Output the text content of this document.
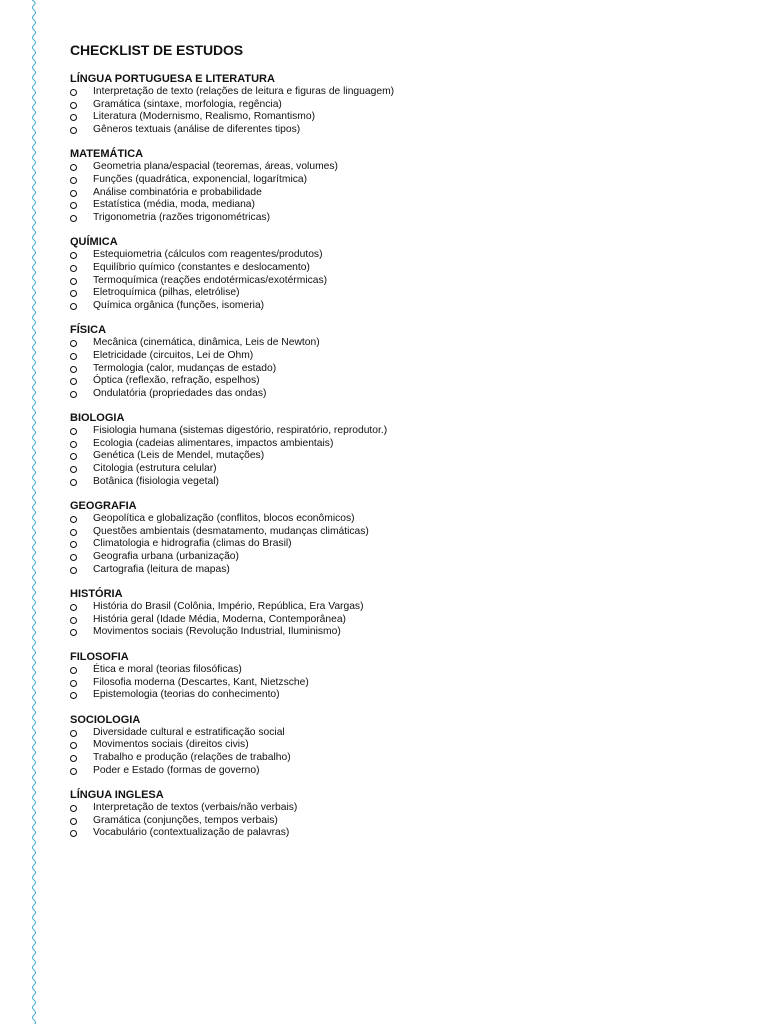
CHECKLIST DE ESTUDOS
LÍNGUA PORTUGUESA E LITERATURA
Interpretação de texto (relações de leitura e figuras de linguagem)
Gramática (sintaxe, morfologia, regência)
Literatura (Modernismo, Realismo, Romantismo)
Gêneros textuais (análise de diferentes tipos)
MATEMÁTICA
Geometria plana/espacial (teoremas, áreas, volumes)
Funções (quadrática, exponencial, logarítmica)
Análise combinatória e probabilidade
Estatística (média, moda, mediana)
Trigonometria (razões trigonométricas)
QUÍMICA
Estequiometria (cálculos com reagentes/produtos)
Equilíbrio químico (constantes e deslocamento)
Termoquímica (reações endotérmicas/exotérmicas)
Eletroquímica (pilhas, eletrólise)
Química orgânica (funções, isomeria)
FÍSICA
Mecânica (cinemática, dinâmica, Leis de Newton)
Eletricidade (circuitos, Lei de Ohm)
Termologia (calor, mudanças de estado)
Óptica (reflexão, refração, espelhos)
Ondulatória (propriedades das ondas)
BIOLOGIA
Fisiologia humana (sistemas digestório, respiratório, reprodutor.)
Ecologia (cadeias alimentares, impactos ambientais)
Genética (Leis de Mendel, mutações)
Citologia (estrutura celular)
Botânica (fisiologia vegetal)
GEOGRAFIA
Geopolítica e globalização (conflitos, blocos econômicos)
Questões ambientais (desmatamento, mudanças climáticas)
Climatologia e hidrografia (climas do Brasil)
Geografia urbana (urbanização)
Cartografia (leitura de mapas)
HISTÓRIA
História do Brasil (Colônia, Império, República, Era Vargas)
História geral (Idade Média, Moderna, Contemporânea)
Movimentos sociais (Revolução Industrial, Iluminismo)
FILOSOFIA
Ética e moral (teorias filosóficas)
Filosofia moderna (Descartes, Kant, Nietzsche)
Epistemologia (teorias do conhecimento)
SOCIOLOGIA
Diversidade cultural e estratificação social
Movimentos sociais (direitos civis)
Trabalho e produção (relações de trabalho)
Poder e Estado (formas de governo)
LÍNGUA INGLESA
Interpretação de textos (verbais/não verbais)
Gramática (conjunções, tempos verbais)
Vocabulário (contextualização de palavras)
